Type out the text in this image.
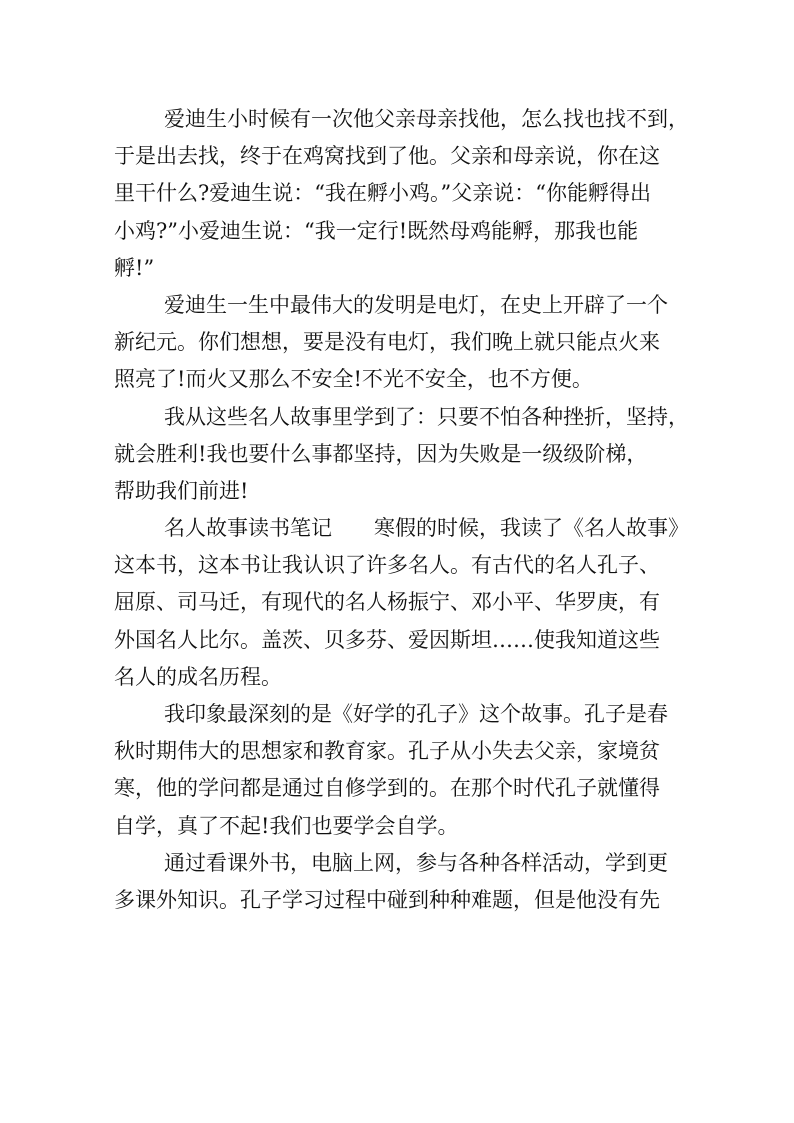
爱迪生小时候有一次他父亲母亲找他，怎么找也找不到，
于是出去找，终于在鸡窝找到了他。父亲和母亲说，你在这
里干什么?爱迪生说：“我在孵小鸡。”父亲说：“你能孵得出
小鸡?”小爱迪生说：“我一定行!既然母鸡能孵，那我也能
孵!”
爱迪生一生中最伟大的发明是电灯，在史上开辟了一个
新纪元。你们想想，要是没有电灯，我们晚上就只能点火来
照亮了!而火又那么不安全!不光不安全，也不方便。
我从这些名人故事里学到了：只要不怕各种挫折，坚持，
就会胜利!我也要什么事都坚持，因为失败是一级级阶梯，
帮助我们前进!
名人故事读书笔记　　寒假的时候，我读了《名人故事》
这本书，这本书让我认识了许多名人。有古代的名人孔子、
屈原、司马迁，有现代的名人杨振宁、邓小平、华罗庚，有
外国名人比尔。盖茨、贝多芬、爱因斯坦……使我知道这些
名人的成名历程。
我印象最深刻的是《好学的孔子》这个故事。孔子是春
秋时期伟大的思想家和教育家。孔子从小失去父亲，家境贫
寒，他的学问都是通过自修学到的。在那个时代孔子就懂得
自学，真了不起!我们也要学会自学。
通过看课外书，电脑上网，参与各种各样活动，学到更
多课外知识。孔子学习过程中碰到种种难题，但是他没有先
